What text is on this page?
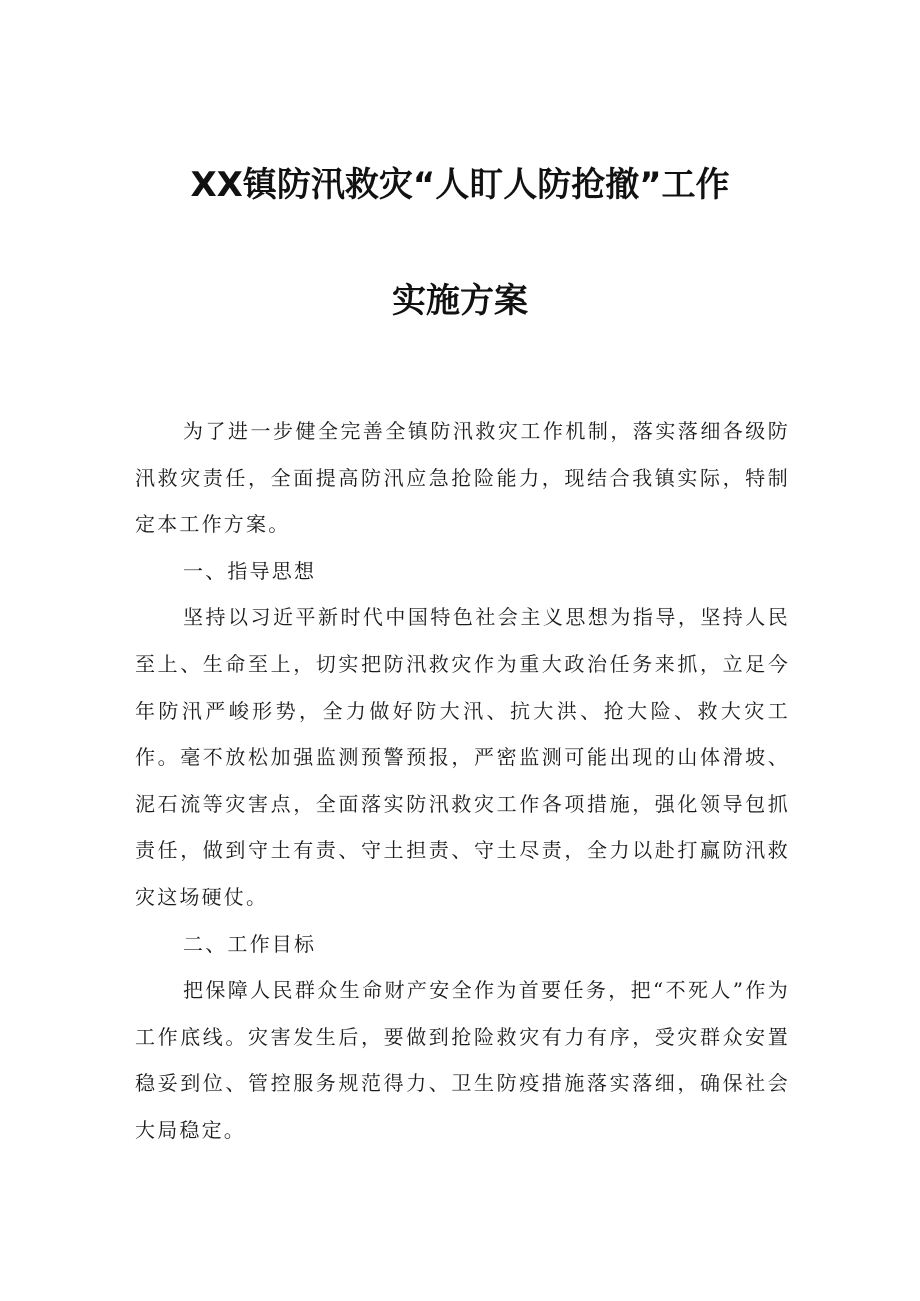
XX镇防汛救灾“人盯人防抢撤”工作
实施方案

为了进一步健全完善全镇防汛救灾工作机制，落实落细各级防汛救灾责任，全面提高防汛应急抢险能力，现结合我镇实际，特制定本工作方案。

一、指导思想

坚持以习近平新时代中国特色社会主义思想为指导，坚持人民至上、生命至上，切实把防汛救灾作为重大政治任务来抓，立足今年防汛严峻形势，全力做好防大汛、抗大洪、抢大险、救大灾工作。毫不放松加强监测预警预报，严密监测可能出现的山体滑坡、泥石流等灾害点，全面落实防汛救灾工作各项措施，强化领导包抓责任，做到守土有责、守土担责、守土尽责，全力以赴打赢防汛救灾这场硬仗。

二、工作目标

把保障人民群众生命财产安全作为首要任务，把“不死人”作为工作底线。灾害发生后，要做到抢险救灾有力有序，受灾群众安置稳妥到位、管控服务规范得力、卫生防疫措施落实落细，确保社会大局稳定。
